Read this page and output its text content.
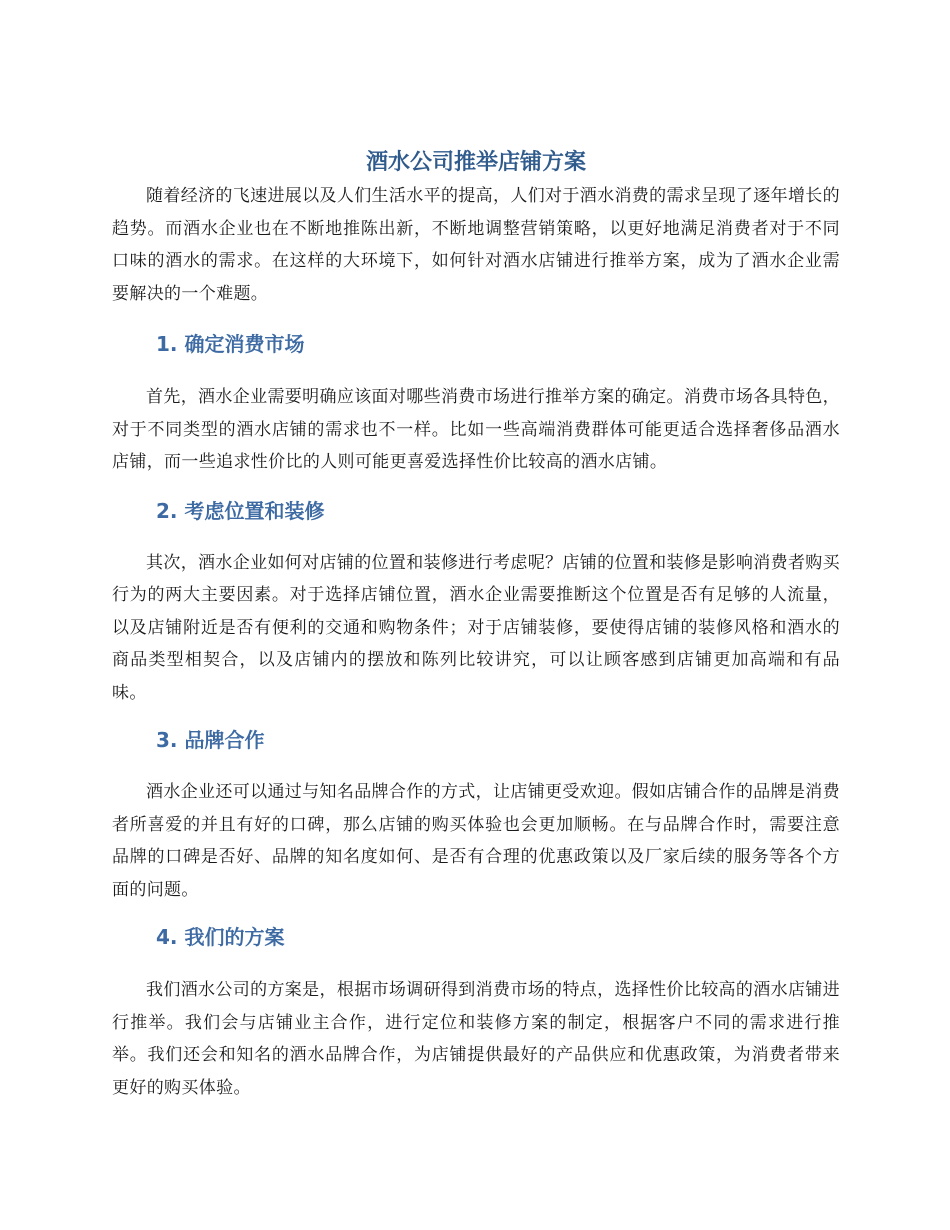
酒水公司推举店铺方案

随着经济的飞速进展以及人们生活水平的提高，人们对于酒水消费的需求呈现了逐年增长的趋势。而酒水企业也在不断地推陈出新，不断地调整营销策略，以更好地满足消费者对于不同口味的酒水的需求。在这样的大环境下，如何针对酒水店铺进行推举方案，成为了酒水企业需要解决的一个难题。

1. 确定消费市场

首先，酒水企业需要明确应该面对哪些消费市场进行推举方案的确定。消费市场各具特色，对于不同类型的酒水店铺的需求也不一样。比如一些高端消费群体可能更适合选择奢侈品酒水店铺，而一些追求性价比的人则可能更喜爱选择性价比较高的酒水店铺。

2. 考虑位置和装修

其次，酒水企业如何对店铺的位置和装修进行考虑呢？店铺的位置和装修是影响消费者购买行为的两大主要因素。对于选择店铺位置，酒水企业需要推断这个位置是否有足够的人流量，以及店铺附近是否有便利的交通和购物条件；对于店铺装修，要使得店铺的装修风格和酒水的商品类型相契合，以及店铺内的摆放和陈列比较讲究，可以让顾客感到店铺更加高端和有品味。

3. 品牌合作

酒水企业还可以通过与知名品牌合作的方式，让店铺更受欢迎。假如店铺合作的品牌是消费者所喜爱的并且有好的口碑，那么店铺的购买体验也会更加顺畅。在与品牌合作时，需要注意品牌的口碑是否好、品牌的知名度如何、是否有合理的优惠政策以及厂家后续的服务等各个方面的问题。

4. 我们的方案

我们酒水公司的方案是，根据市场调研得到消费市场的特点，选择性价比较高的酒水店铺进行推举。我们会与店铺业主合作，进行定位和装修方案的制定，根据客户不同的需求进行推举。我们还会和知名的酒水品牌合作，为店铺提供最好的产品供应和优惠政策，为消费者带来更好的购买体验。
